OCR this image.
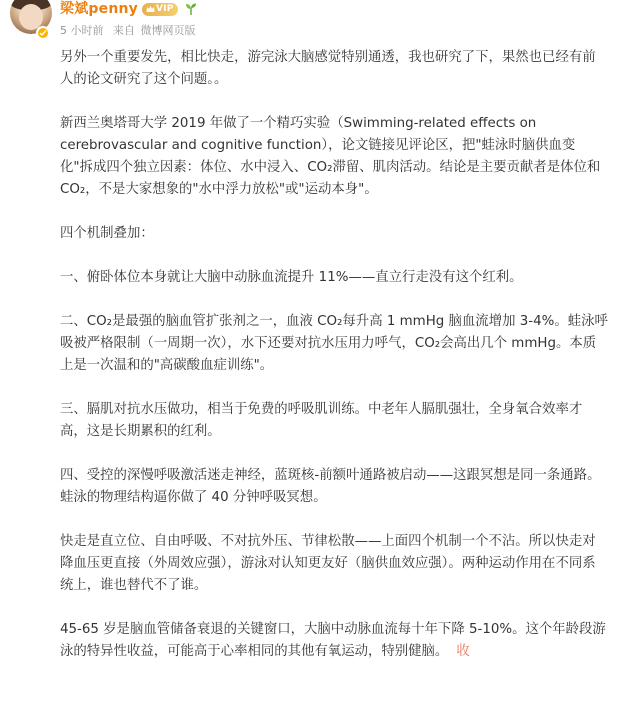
梁斌penny VIP
5 小时前 来自 微博网页版

另外一个重要发先，相比快走，游完泳大脑感觉特别通透，我也研究了下，果然也已经有前人的论文研究了这个问题。。

新西兰奥塔哥大学 2019 年做了一个精巧实验（Swimming-related effects on cerebrovascular and cognitive function），论文链接见评论区，把"蛙泳时脑供血变化"拆成四个独立因素：体位、水中浸入、CO₂滞留、肌肉活动。结论是主要贡献者是体位和 CO₂，不是大家想象的"水中浮力放松"或"运动本身"。

四个机制叠加：

一、俯卧体位本身就让大脑中动脉血流提升 11%——直立行走没有这个红利。

二、CO₂是最强的脑血管扩张剂之一，血液 CO₂每升高 1 mmHg 脑血流增加 3-4%。蛙泳呼吸被严格限制（一周期一次），水下还要对抗水压用力呼气，CO₂会高出几个 mmHg。本质上是一次温和的"高碳酸血症训练"。

三、膈肌对抗水压做功，相当于免费的呼吸肌训练。中老年人膈肌强壮，全身氧合效率才高，这是长期累积的红利。

四、受控的深慢呼吸激活迷走神经，蓝斑核-前额叶通路被启动——这跟冥想是同一条通路。蛙泳的物理结构逼你做了 40 分钟呼吸冥想。

快走是直立位、自由呼吸、不对抗外压、节律松散——上面四个机制一个不沾。所以快走对降血压更直接（外周效应强），游泳对认知更友好（脑供血效应强）。两种运动作用在不同系统上，谁也替代不了谁。

45-65 岁是脑血管储备衰退的关键窗口，大脑中动脉血流每十年下降 5-10%。这个年龄段游泳的特异性收益，可能高于心率相同的其他有氧运动，特别健脑。 收
